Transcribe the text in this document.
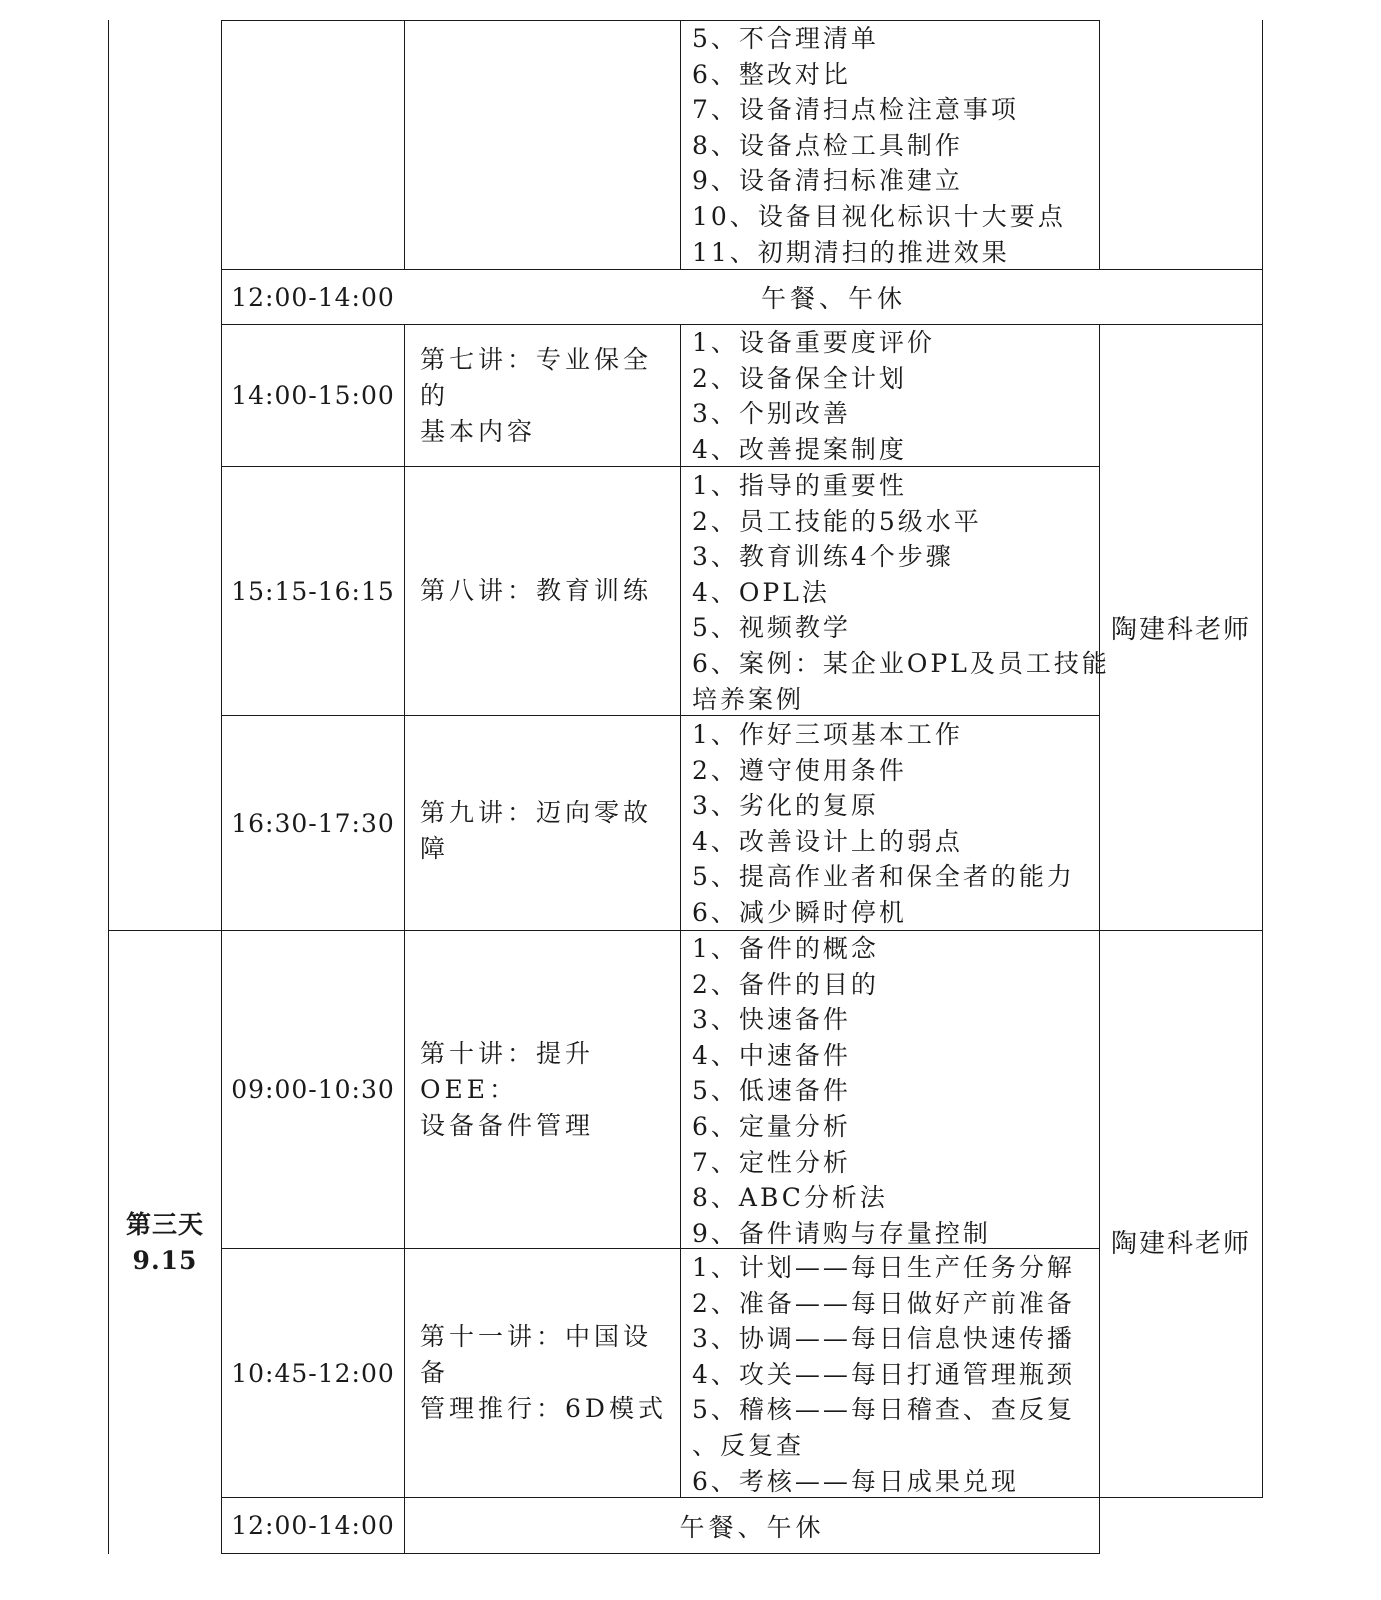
5、不合理清单
6、整改对比
7、设备清扫点检注意事项
8、设备点检工具制作
9、设备清扫标准建立
10、设备目视化标识十大要点
11、初期清扫的推进效果
12:00-14:00	午餐、午休
14:00-15:00
第七讲：专业保全的
基本内容
1、设备重要度评价
2、设备保全计划
3、个别改善
4、改善提案制度
15:15-16:15 第八讲：教育训练
1、指导的重要性
2、员工技能的5级水平
3、教育训练4个步骤
4、OPL法
5、视频教学
6、案例：某企业OPL及员工技能
培养案例
16:30-17:30 第九讲：迈向零故障
1、作好三项基本工作
2、遵守使用条件
3、劣化的复原
4、改善设计上的弱点
5、提高作业者和保全者的能力
6、减少瞬时停机
陶建科老师
第三天
9.15
09:00-10:30
第十讲：提升OEE：
设备备件管理
1、备件的概念
2、备件的目的
3、快速备件
4、中速备件
5、低速备件
6、定量分析
7、定性分析
8、ABC分析法
9、备件请购与存量控制
10:45-12:00
第十一讲：中国设备
管理推行：6D模式
1、计划——每日生产任务分解
2、准备——每日做好产前准备
3、协调——每日信息快速传播
4、攻关——每日打通管理瓶颈
5、稽核——每日稽查、查反复
、反复查
6、考核——每日成果兑现
陶建科老师
12:00-14:00	午餐、午休
